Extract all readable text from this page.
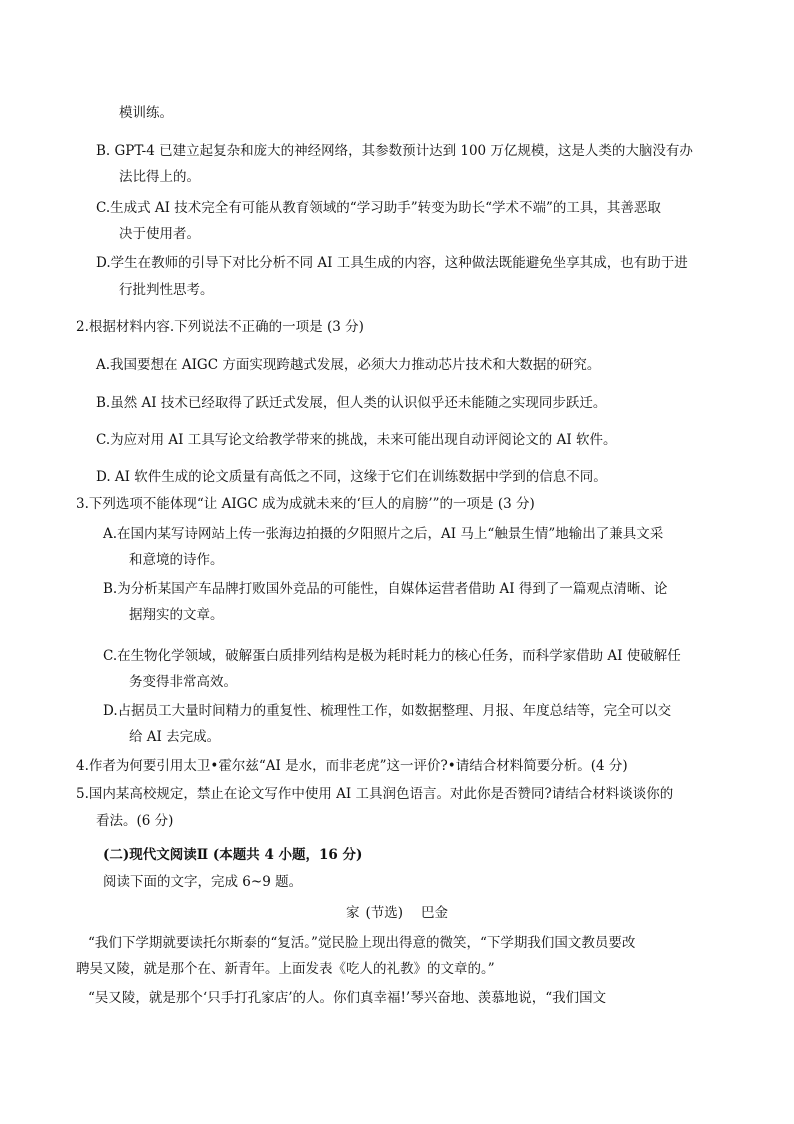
模训练。
B. GPT-4 已建立起复杂和庞大的神经网络，其参数预计达到 100 万亿规模，这是人类的大脑没有办
法比得上的。
C.生成式 AI 技术完全有可能从教育领域的“学习助手”转变为助长“学术不端”的工具，其善恶取
决于使用者。
D.学生在教师的引导下对比分析不同 AI 工具生成的内容，这种做法既能避免坐享其成，也有助于进
行批判性思考。
2.根据材料内容.下列说法不正确的一项是 (3 分)
A.我国要想在 AIGC 方面实现跨越式发展，必须大力推动芯片技术和大数据的研究。
B.虽然 AI 技术已经取得了跃迁式发展，但人类的认识似乎还未能随之实现同步跃迁。
C.为应对用 AI 工具写论文给教学带来的挑战，未来可能出现自动评阅论文的 AI 软件。
D. AI 软件生成的论文质量有高低之不同，这缘于它们在训练数据中学到的信息不同。
3.下列选项不能体现“让 AIGC 成为成就未来的‘巨人的肩膀’”的一项是 (3 分)
A.在国内某写诗网站上传一张海边拍摄的夕阳照片之后，AI 马上“触景生情”地输出了兼具文采
和意境的诗作。
B.为分析某国产车品牌打败国外竞品的可能性，自媒体运营者借助 AI 得到了一篇观点清晰、论
据翔实的文章。
C.在生物化学领域，破解蛋白质排列结构是极为耗时耗力的核心任务，而科学家借助 AI 使破解任
务变得非常高效。
D.占据员工大量时间精力的重复性、梳理性工作，如数据整理、月报、年度总结等，完全可以交
给 AI 去完成。
4.作者为何要引用太卫•霍尔兹“AI 是水，而非老虎”这一评价?•请结合材料简要分析。(4 分)
5.国内某高校规定，禁止在论文写作中使用 AI 工具润色语言。对此你是否赞同?请结合材料谈谈你的
看法。(6 分)
(二)现代文阅读Ⅱ (本题共 4 小题，16 分)
阅读下面的文字，完成 6~9 题。
家 (节选) 巴金
“我们下学期就要读托尔斯泰的“复活。”觉民脸上现出得意的微笑，“下学期我们国文教员要改
聘吴又陵，就是那个在、新青年。上面发表《吃人的礼教》的文章的。”
“吴又陵，就是那个‘只手打孔家店’的人。你们真幸福!’琴兴奋地、羡慕地说，“我们国文
